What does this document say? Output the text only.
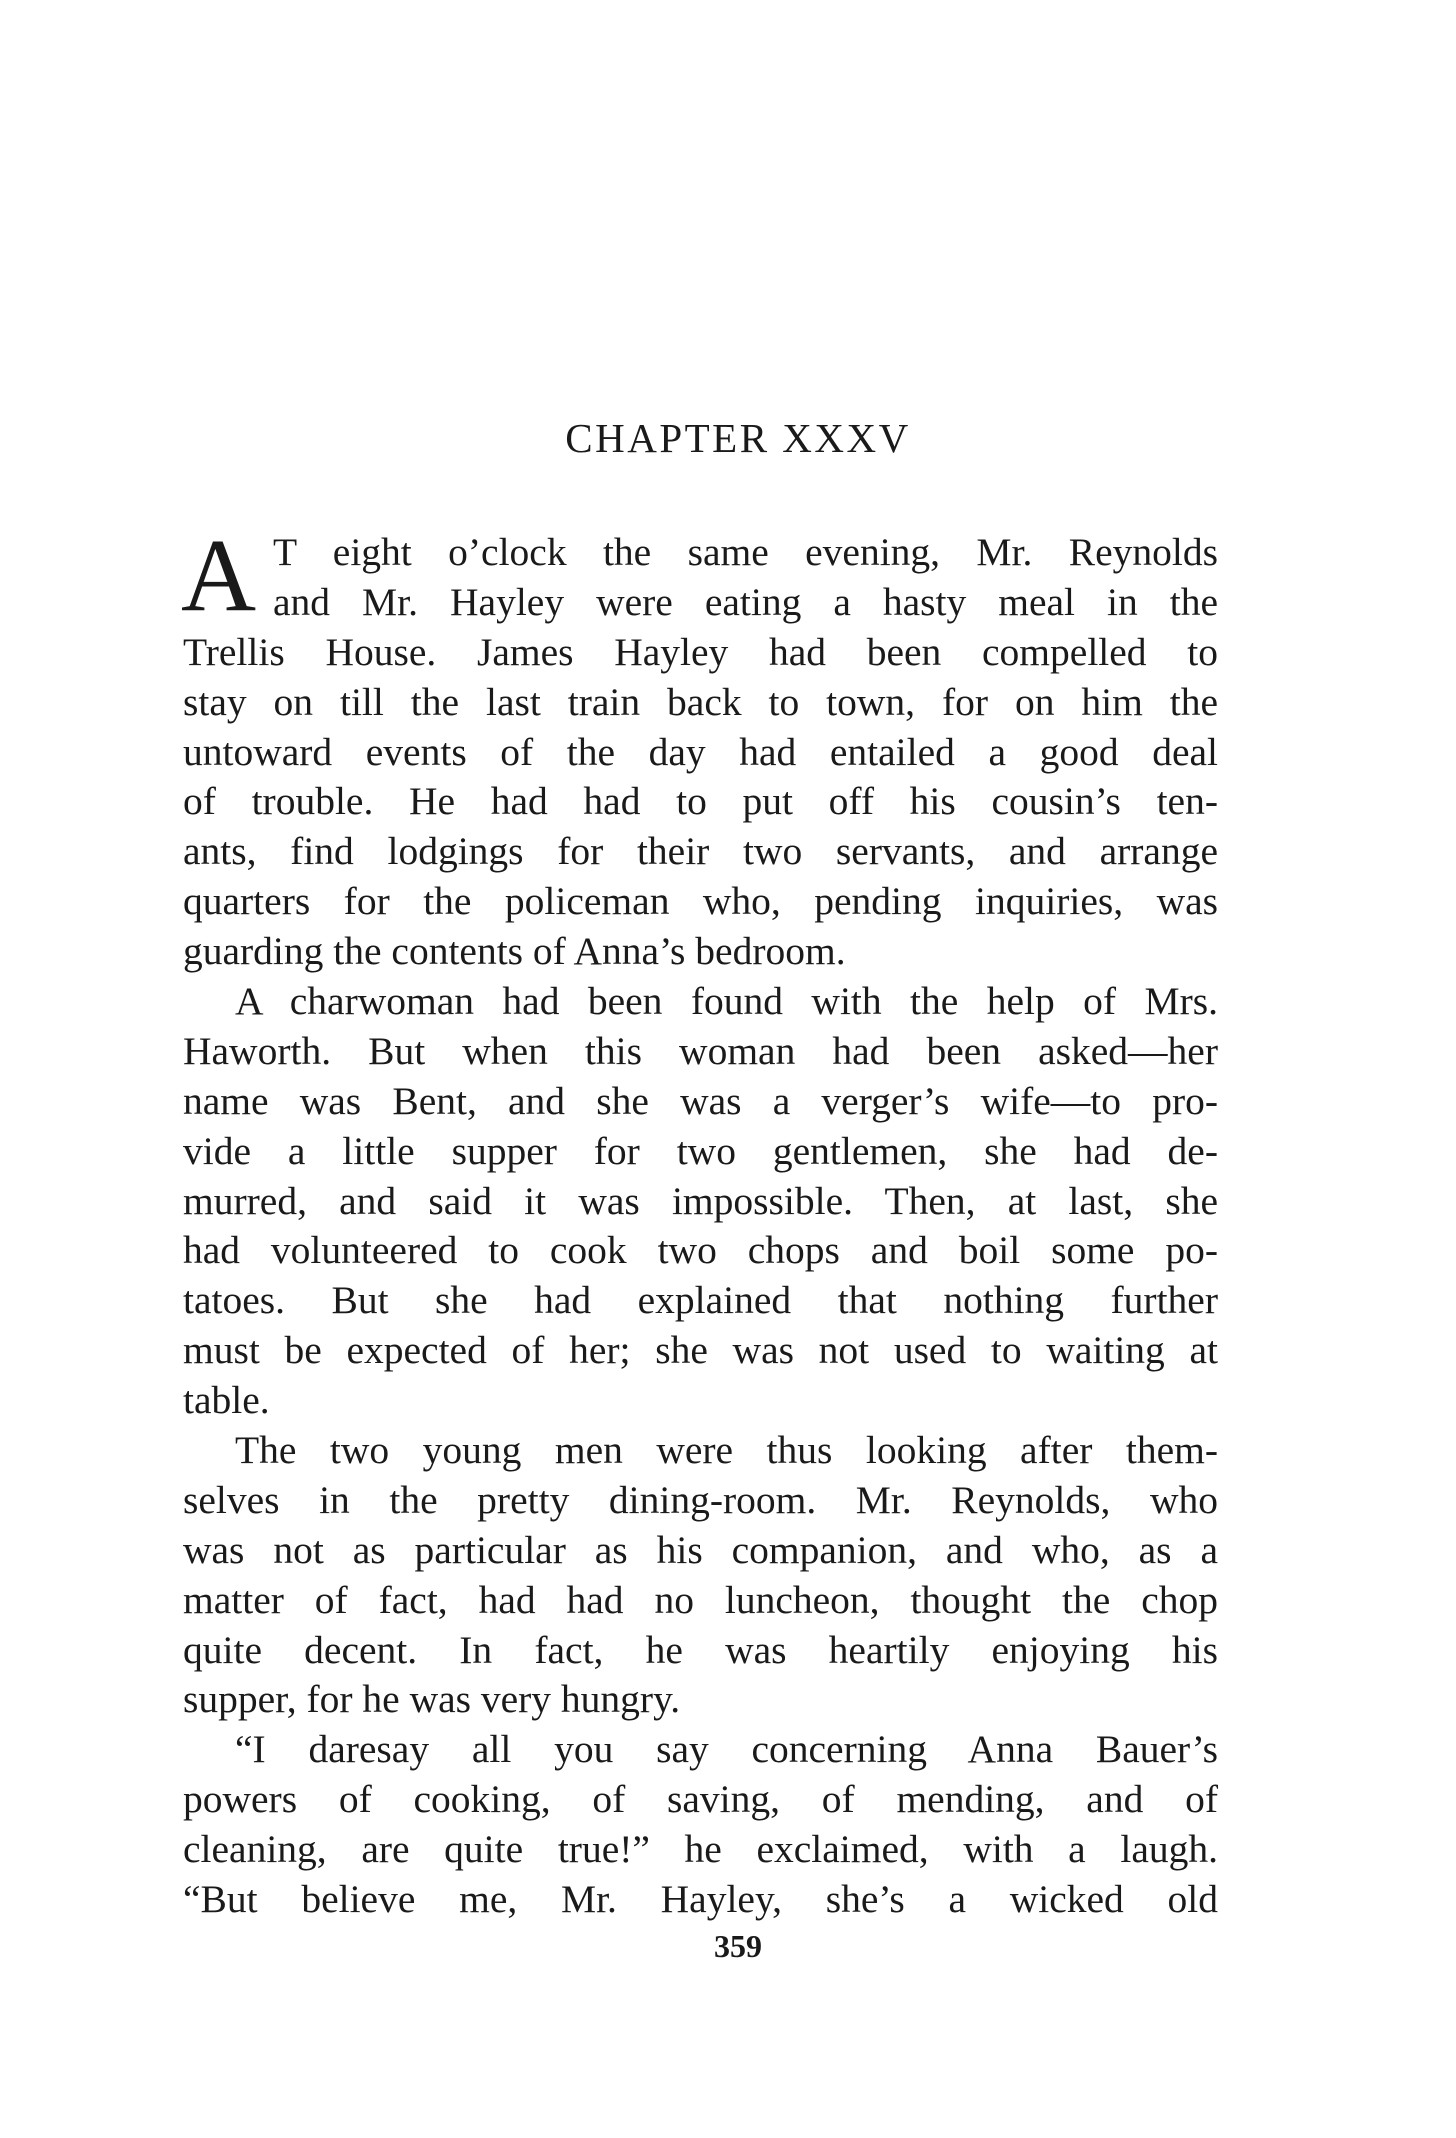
CHAPTER XXXV
A T eight o’clock the same evening, Mr. Reynolds
and Mr. Hayley were eating a hasty meal in the
Trellis House. James Hayley had been compelled to
stay on till the last train back to town, for on him the
untoward events of the day had entailed a good deal
of trouble. He had had to put off his cousin’s ten-
ants, find lodgings for their two servants, and arrange
quarters for the policeman who, pending inquiries, was
guarding the contents of Anna’s bedroom.
A charwoman had been found with the help of Mrs.
Haworth. But when this woman had been asked—her
name was Bent, and she was a verger’s wife—to pro-
vide a little supper for two gentlemen, she had de-
murred, and said it was impossible. Then, at last, she
had volunteered to cook two chops and boil some po-
tatoes. But she had explained that nothing further
must be expected of her; she was not used to waiting at
table.
The two young men were thus looking after them-
selves in the pretty dining-room. Mr. Reynolds, who
was not as particular as his companion, and who, as a
matter of fact, had had no luncheon, thought the chop
quite decent. In fact, he was heartily enjoying his
supper, for he was very hungry.
“I daresay all you say concerning Anna Bauer’s
powers of cooking, of saving, of mending, and of
cleaning, are quite true!” he exclaimed, with a laugh.
“But believe me, Mr. Hayley, she’s a wicked old
359
